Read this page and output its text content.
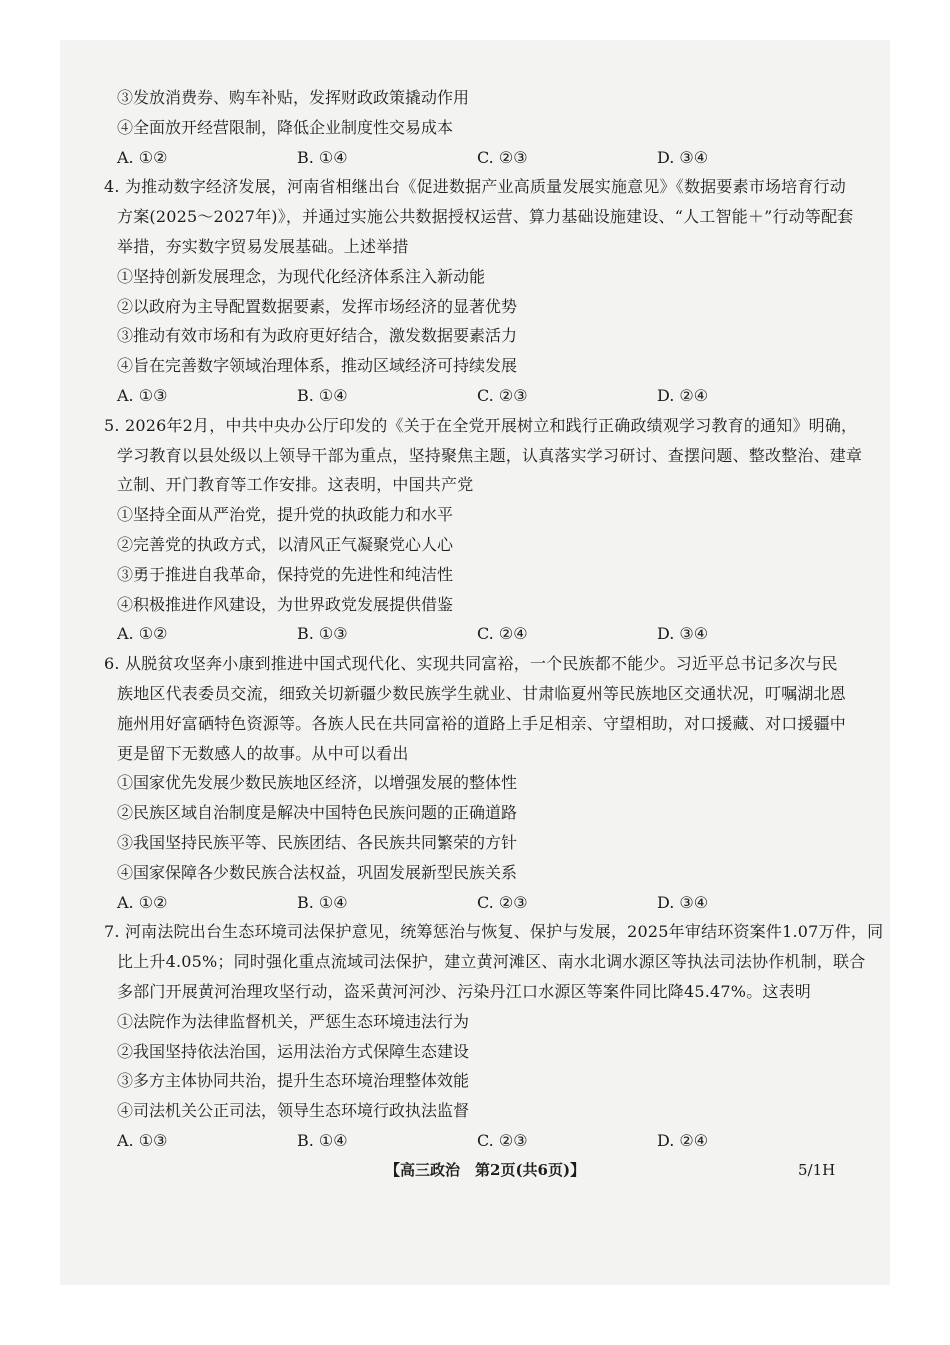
③发放消费券、购车补贴，发挥财政政策撬动作用
④全面放开经营限制，降低企业制度性交易成本
A. ①②	B. ①④	C. ②③	D. ③④
4. 为推动数字经济发展，河南省相继出台《促进数据产业高质量发展实施意见》《数据要素市场培育行动
方案(2025～2027年)》，并通过实施公共数据授权运营、算力基础设施建设、“人工智能＋”行动等配套
举措，夯实数字贸易发展基础。上述举措
①坚持创新发展理念，为现代化经济体系注入新动能
②以政府为主导配置数据要素，发挥市场经济的显著优势
③推动有效市场和有为政府更好结合，激发数据要素活力
④旨在完善数字领域治理体系，推动区域经济可持续发展
A. ①③	B. ①④	C. ②③	D. ②④
5. 2026年2月，中共中央办公厅印发的《关于在全党开展树立和践行正确政绩观学习教育的通知》明确，
学习教育以县处级以上领导干部为重点，坚持聚焦主题，认真落实学习研讨、查摆问题、整改整治、建章
立制、开门教育等工作安排。这表明，中国共产党
①坚持全面从严治党，提升党的执政能力和水平
②完善党的执政方式，以清风正气凝聚党心人心
③勇于推进自我革命，保持党的先进性和纯洁性
④积极推进作风建设，为世界政党发展提供借鉴
A. ①②	B. ①③	C. ②④	D. ③④
6. 从脱贫攻坚奔小康到推进中国式现代化、实现共同富裕，一个民族都不能少。习近平总书记多次与民
族地区代表委员交流，细致关切新疆少数民族学生就业、甘肃临夏州等民族地区交通状况，叮嘱湖北恩
施州用好富硒特色资源等。各族人民在共同富裕的道路上手足相亲、守望相助，对口援藏、对口援疆中
更是留下无数感人的故事。从中可以看出
①国家优先发展少数民族地区经济，以增强发展的整体性
②民族区域自治制度是解决中国特色民族问题的正确道路
③我国坚持民族平等、民族团结、各民族共同繁荣的方针
④国家保障各少数民族合法权益，巩固发展新型民族关系
A. ①②	B. ①④	C. ②③	D. ③④
7. 河南法院出台生态环境司法保护意见，统筹惩治与恢复、保护与发展，2025年审结环资案件1.07万件，同
比上升4.05%；同时强化重点流域司法保护，建立黄河滩区、南水北调水源区等执法司法协作机制，联合
多部门开展黄河治理攻坚行动，盗采黄河河沙、污染丹江口水源区等案件同比降45.47%。这表明
①法院作为法律监督机关，严惩生态环境违法行为
②我国坚持依法治国，运用法治方式保障生态建设
③多方主体协同共治，提升生态环境治理整体效能
④司法机关公正司法，领导生态环境行政执法监督
A. ①③	B. ①④	C. ②③	D. ②④
【高三政治　第2页(共6页)】	5/1H
